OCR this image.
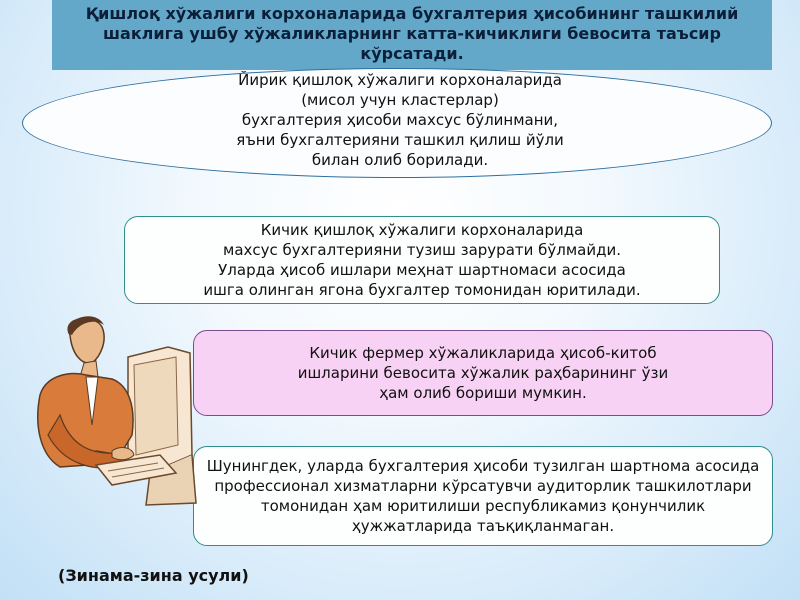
Қишлоқ хўжалиги корхоналарида бухгалтерия ҳисобининг ташкилий шаклига ушбу хўжаликларнинг катта-кичиклиги бевосита таъсир кўрсатади.

Йирик қишлоқ хўжалиги корхоналарида
(мисол учун кластерлар)
бухгалтерия ҳисоби махсус бўлинмани,
яъни бухгалтерияни ташкил қилиш йўли
билан олиб борилади.
Кичик қишлоқ хўжалиги корхоналарида
махсус бухгалтерияни тузиш зарурати бўлмайди.
Уларда ҳисоб ишлари меҳнат шартномаси асосида
ишга олинган ягона бухгалтер томонидан юритилади.
Кичик фермер хўжаликларида ҳисоб-китоб
ишларини бевосита хўжалик раҳбарининг ўзи
ҳам олиб бориши мумкин.
Шунингдек, уларда бухгалтерия ҳисоби тузилган шартнома асосида
профессионал хизматларни кўрсатувчи аудиторлик ташкилотлари
томонидан ҳам юритилиши республикамиз қонунчилик
ҳужжатларида таъқиқланмаган.
(Зинама-зина усули)
